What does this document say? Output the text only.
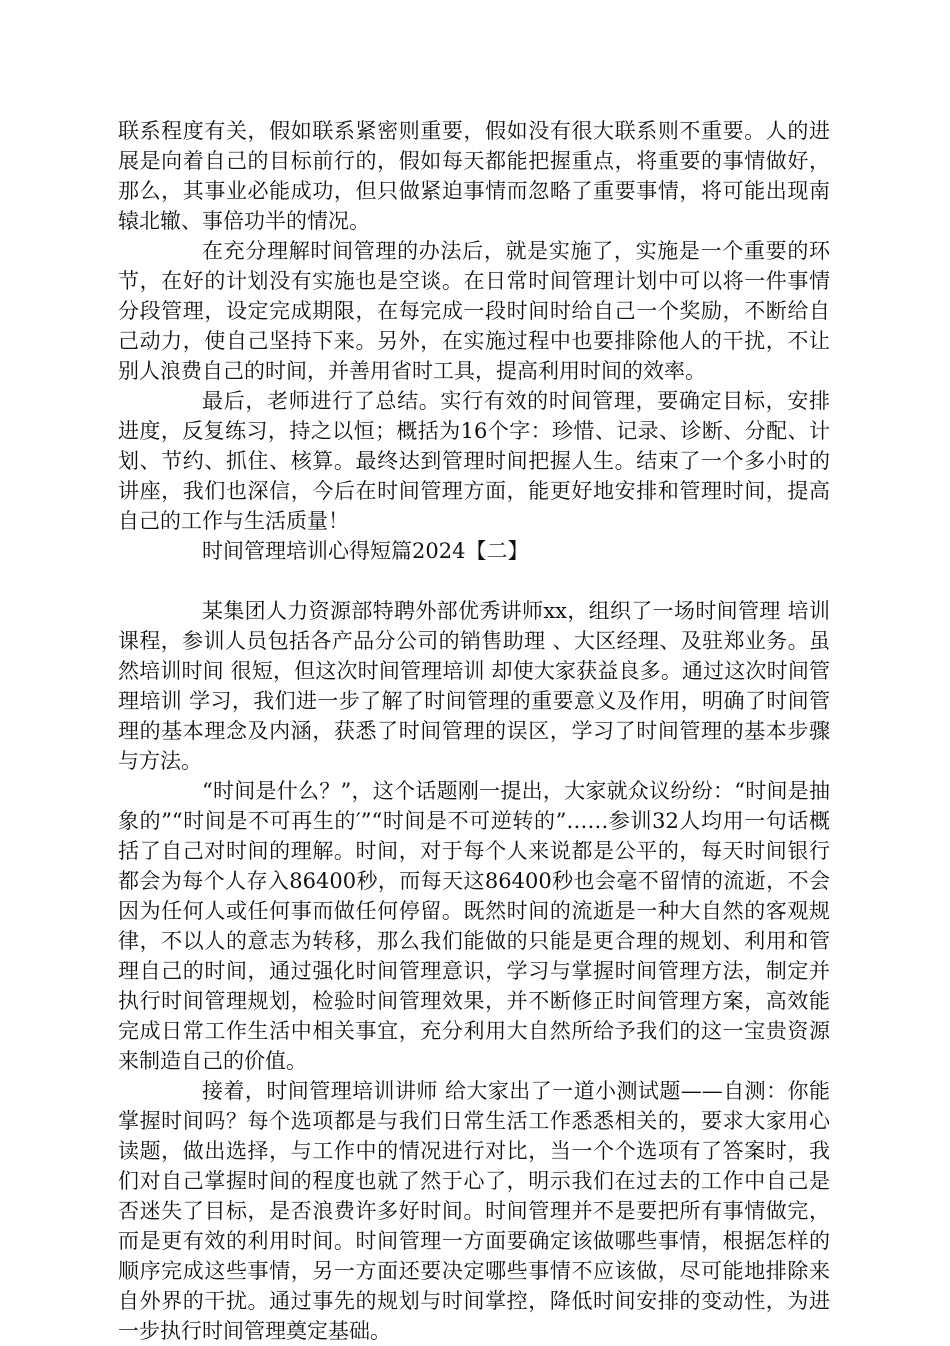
联系程度有关，假如联系紧密则重要，假如没有很大联系则不重要。人的进展是向着自己的目标前行的，假如每天都能把握重点，将重要的事情做好，那么，其事业必能成功，但只做紧迫事情而忽略了重要事情，将可能出现南辕北辙、事倍功半的情况。

在充分理解时间管理的办法后，就是实施了，实施是一个重要的环节，在好的计划没有实施也是空谈。在日常时间管理计划中可以将一件事情分段管理，设定完成期限，在每完成一段时间时给自己一个奖励，不断给自己动力，使自己坚持下来。另外，在实施过程中也要排除他人的干扰，不让别人浪费自己的时间，并善用省时工具，提高利用时间的效率。

最后，老师进行了总结。实行有效的时间管理，要确定目标，安排进度，反复练习，持之以恒；概括为16个字：珍惜、记录、诊断、分配、计划、节约、抓住、核算。最终达到管理时间把握人生。结束了一个多小时的讲座，我们也深信，今后在时间管理方面，能更好地安排和管理时间，提高自己的工作与生活质量！

时间管理培训心得短篇2024【二】

某集团人力资源部特聘外部优秀讲师xx，组织了一场时间管理 培训课程，参训人员包括各产品分公司的销售助理 、大区经理、及驻郑业务。虽然培训时间 很短，但这次时间管理培训 却使大家获益良多。通过这次时间管理培训 学习，我们进一步了解了时间管理的重要意义及作用，明确了时间管理的基本理念及内涵，获悉了时间管理的误区，学习了时间管理的基本步骤与方法。

“时间是什么？”，这个话题刚一提出，大家就众议纷纷：“时间是抽象的”“时间是不可再生的′”“时间是不可逆转的”……参训32人均用一句话概括了自己对时间的理解。时间，对于每个人来说都是公平的，每天时间银行都会为每个人存入86400秒，而每天这86400秒也会毫不留情的流逝，不会因为任何人或任何事而做任何停留。既然时间的流逝是一种大自然的客观规律，不以人的意志为转移，那么我们能做的只能是更合理的规划、利用和管理自己的时间，通过强化时间管理意识，学习与掌握时间管理方法，制定并执行时间管理规划，检验时间管理效果，并不断修正时间管理方案，高效能完成日常工作生活中相关事宜，充分利用大自然所给予我们的这一宝贵资源来制造自己的价值。

接着，时间管理培训讲师 给大家出了一道小测试题——自测：你能掌握时间吗？每个选项都是与我们日常生活工作悉悉相关的，要求大家用心读题，做出选择，与工作中的情况进行对比，当一个个选项有了答案时，我们对自己掌握时间的程度也就了然于心了，明示我们在过去的工作中自己是否迷失了目标，是否浪费许多好时间。时间管理并不是要把所有事情做完，而是更有效的利用时间。时间管理一方面要确定该做哪些事情，根据怎样的顺序完成这些事情，另一方面还要决定哪些事情不应该做，尽可能地排除来自外界的干扰。通过事先的规划与时间掌控，降低时间安排的变动性，为进一步执行时间管理奠定基础。
